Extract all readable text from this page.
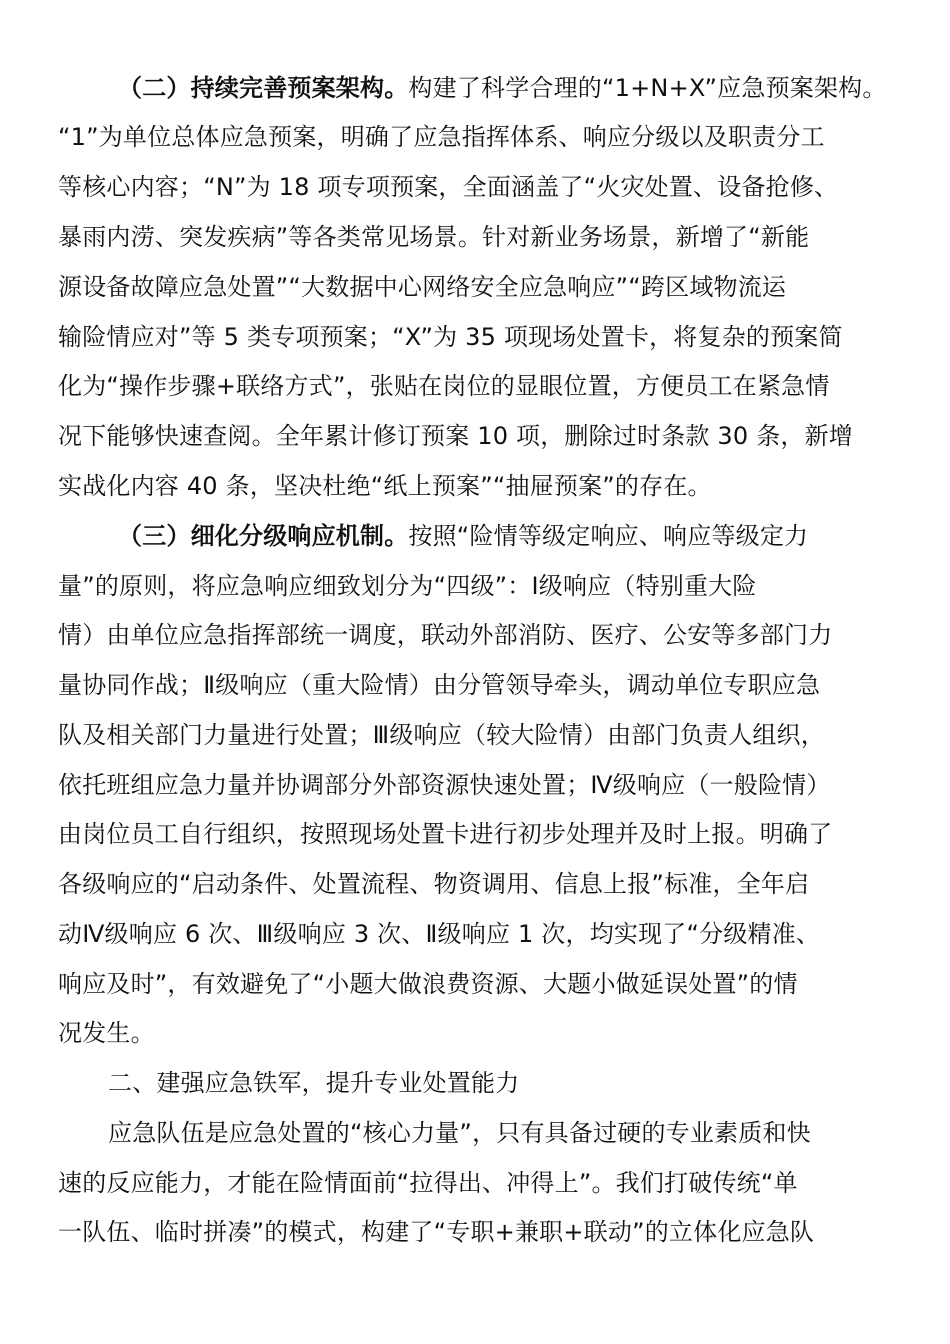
（二）持续完善预案架构。构建了科学合理的“1+N+X”应急预案架构。
“1”为单位总体应急预案，明确了应急指挥体系、响应分级以及职责分工
等核心内容；“N”为 18 项专项预案，全面涵盖了“火灾处置、设备抢修、
暴雨内涝、突发疾病”等各类常见场景。针对新业务场景，新增了“新能
源设备故障应急处置”“大数据中心网络安全应急响应”“跨区域物流运
输险情应对”等 5 类专项预案；“X”为 35 项现场处置卡，将复杂的预案简
化为“操作步骤+联络方式”，张贴在岗位的显眼位置，方便员工在紧急情
况下能够快速查阅。全年累计修订预案 10 项，删除过时条款 30 条，新增
实战化内容 40 条，坚决杜绝“纸上预案”“抽屉预案”的存在。
（三）细化分级响应机制。按照“险情等级定响应、响应等级定力
量”的原则，将应急响应细致划分为“四级”：Ⅰ级响应（特别重大险
情）由单位应急指挥部统一调度，联动外部消防、医疗、公安等多部门力
量协同作战；Ⅱ级响应（重大险情）由分管领导牵头，调动单位专职应急
队及相关部门力量进行处置；Ⅲ级响应（较大险情）由部门负责人组织，
依托班组应急力量并协调部分外部资源快速处置；Ⅳ级响应（一般险情）
由岗位员工自行组织，按照现场处置卡进行初步处理并及时上报。明确了
各级响应的“启动条件、处置流程、物资调用、信息上报”标准，全年启
动Ⅳ级响应 6 次、Ⅲ级响应 3 次、Ⅱ级响应 1 次，均实现了“分级精准、
响应及时”，有效避免了“小题大做浪费资源、大题小做延误处置”的情
况发生。
二、建强应急铁军，提升专业处置能力
应急队伍是应急处置的“核心力量”，只有具备过硬的专业素质和快
速的反应能力，才能在险情面前“拉得出、冲得上”。我们打破传统“单
一队伍、临时拼凑”的模式，构建了“专职+兼职+联动”的立体化应急队
